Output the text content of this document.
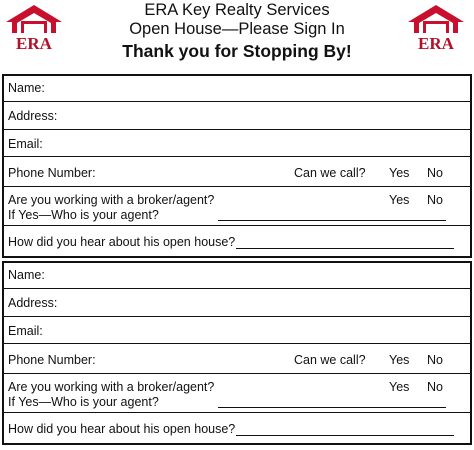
ERA	ERA
ERA Key Realty Services
Open House—Please Sign In
Thank you for Stopping By!
Name:
Address:
Email:
Phone Number:	Can we call? Yes No
Are you working with a broker/agent?	Yes No
If Yes—Who is your agent?
How did you hear about his open house?
Name:
Address:
Email:
Phone Number:	Can we call? Yes No
Are you working with a broker/agent?	Yes No
If Yes—Who is your agent?
How did you hear about his open house?
